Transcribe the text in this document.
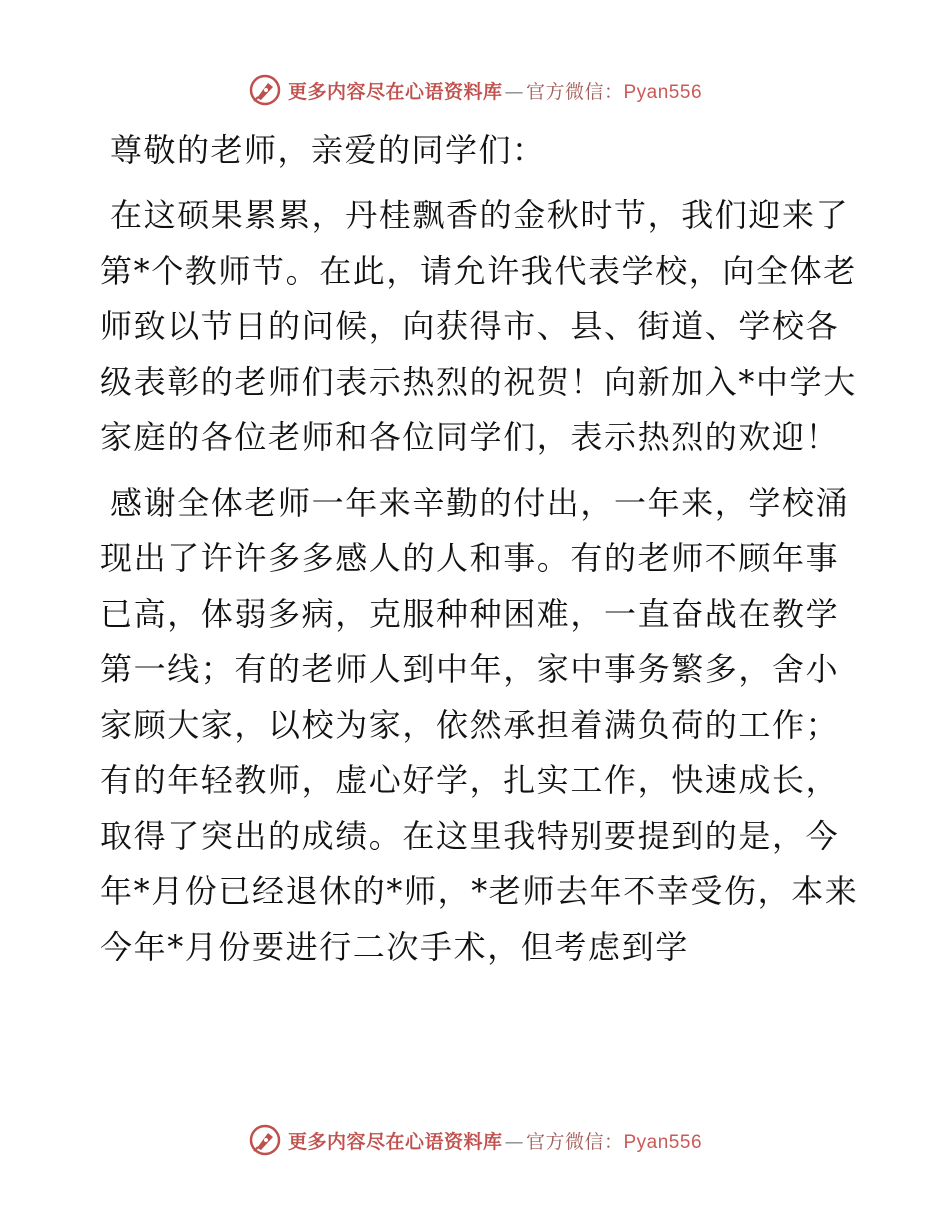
更多内容尽在心语资料库 — 官方微信：Pyan556

尊敬的老师，亲爱的同学们：

在这硕果累累，丹桂飘香的金秋时节，我们迎来了第*个教师节。在此，请允许我代表学校，向全体老师致以节日的问候，向获得市、县、街道、学校各级表彰的老师们表示热烈的祝贺！向新加入*中学大家庭的各位老师和各位同学们，表示热烈的欢迎！

感谢全体老师一年来辛勤的付出，一年来，学校涌现出了许许多多感人的人和事。有的老师不顾年事已高，体弱多病，克服种种困难，一直奋战在教学第一线；有的老师人到中年，家中事务繁多，舍小家顾大家，以校为家，依然承担着满负荷的工作；有的年轻教师，虚心好学，扎实工作，快速成长，取得了突出的成绩。在这里我特别要提到的是，今年*月份已经退休的*师，*老师去年不幸受伤，本来今年*月份要进行二次手术，但考虑到学

更多内容尽在心语资料库 — 官方微信：Pyan556
